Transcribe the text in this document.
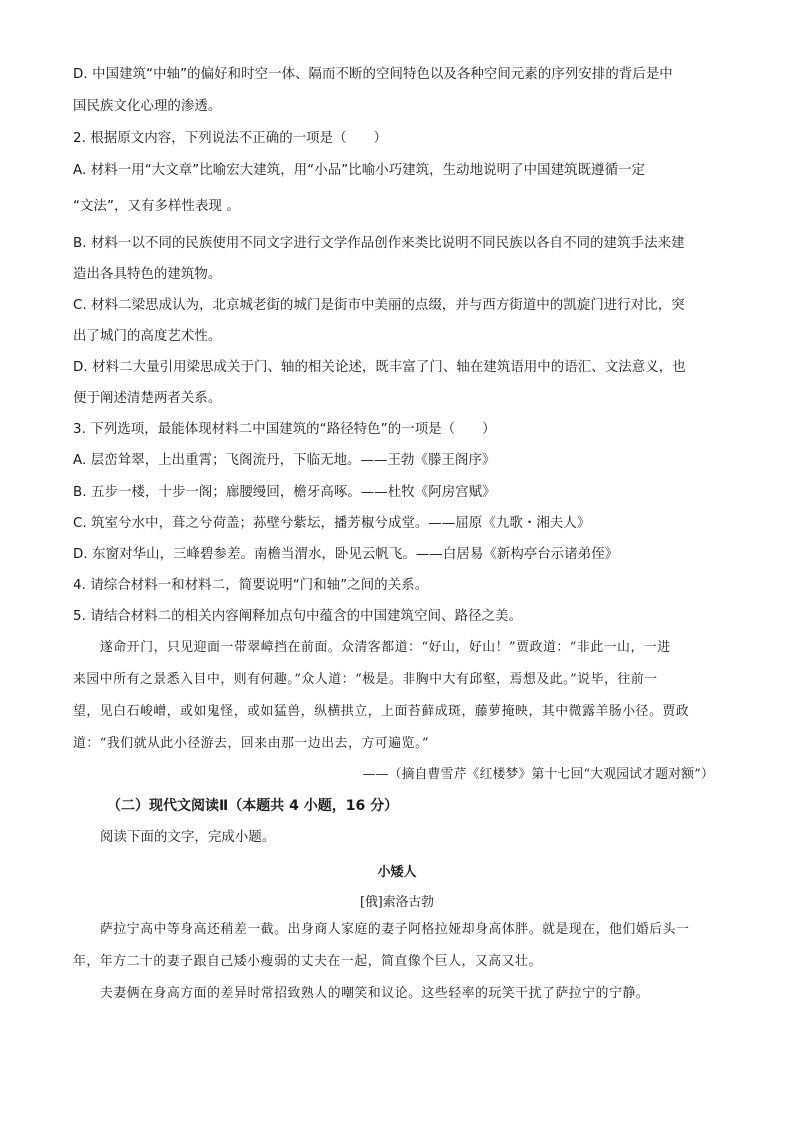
D. 中国建筑“中轴”的偏好和时空一体、隔而不断的空间特色以及各种空间元素的序列安排的背后是中
国民族文化心理的渗透。
2. 根据原文内容，下列说法不正确的一项是（　　）
A. 材料一用“大文章”比喻宏大建筑，用“小品”比喻小巧建筑，生动地说明了中国建筑既遵循一定
“文法”，又有多样性表现 。
B. 材料一以不同的民族使用不同文字进行文学作品创作来类比说明不同民族以各自不同的建筑手法来建
造出各具特色的建筑物。
C. 材料二梁思成认为，北京城老街的城门是街市中美丽的点缀，并与西方街道中的凯旋门进行对比，突
出了城门的高度艺术性。
D. 材料二大量引用梁思成关于门、轴的相关论述，既丰富了门、轴在建筑语用中的语汇、文法意义，也
便于阐述清楚两者关系。
3. 下列选项，最能体现材料二中国建筑的“路径特色”的一项是（　　）
A. 层峦耸翠，上出重霄；飞阁流丹，下临无地。——王勃《滕王阁序》
B. 五步一楼，十步一阁；廊腰缦回，檐牙高啄。——杜牧《阿房宫赋》
C. 筑室兮水中，葺之兮荷盖；荪壁兮紫坛，播芳椒兮成堂。——屈原《九歌・湘夫人》
D. 东窗对华山，三峰碧参差。南檐当渭水，卧见云帆飞。——白居易《新构亭台示诸弟侄》
4. 请综合材料一和材料二，简要说明“门和轴”之间的关系。
5. 请结合材料二的相关内容阐释加点句中蕴含的中国建筑空间、路径之美。
遂命开门，只见迎面一带翠嶂挡在前面。众清客都道：“好山，好山！”贾政道：“非此一山，一进
来园中所有之景悉入目中，则有何趣。”众人道：“极是。非胸中大有邱壑，焉想及此。”说毕，往前一
望，见白石峻嶒，或如鬼怪，或如猛兽，纵横拱立，上面苔藓成斑，藤萝掩映，其中微露羊肠小径。贾政
道：“我们就从此小径游去，回来由那一边出去，方可遍览。”
——（摘自曹雪芹《红楼梦》第十七回“大观园试才题对额”）
（二）现代文阅读Ⅱ（本题共 4 小题，16 分）
阅读下面的文字，完成小题。
小矮人
[俄]索洛古勃
萨拉宁高中等身高还稍差一截。出身商人家庭的妻子阿格拉娅却身高体胖。就是现在，他们婚后头一
年，年方二十的妻子跟自己矮小瘦弱的丈夫在一起，简直像个巨人，又高又壮。
夫妻俩在身高方面的差异时常招致熟人的嘲笑和议论。这些轻率的玩笑干扰了萨拉宁的宁静。
